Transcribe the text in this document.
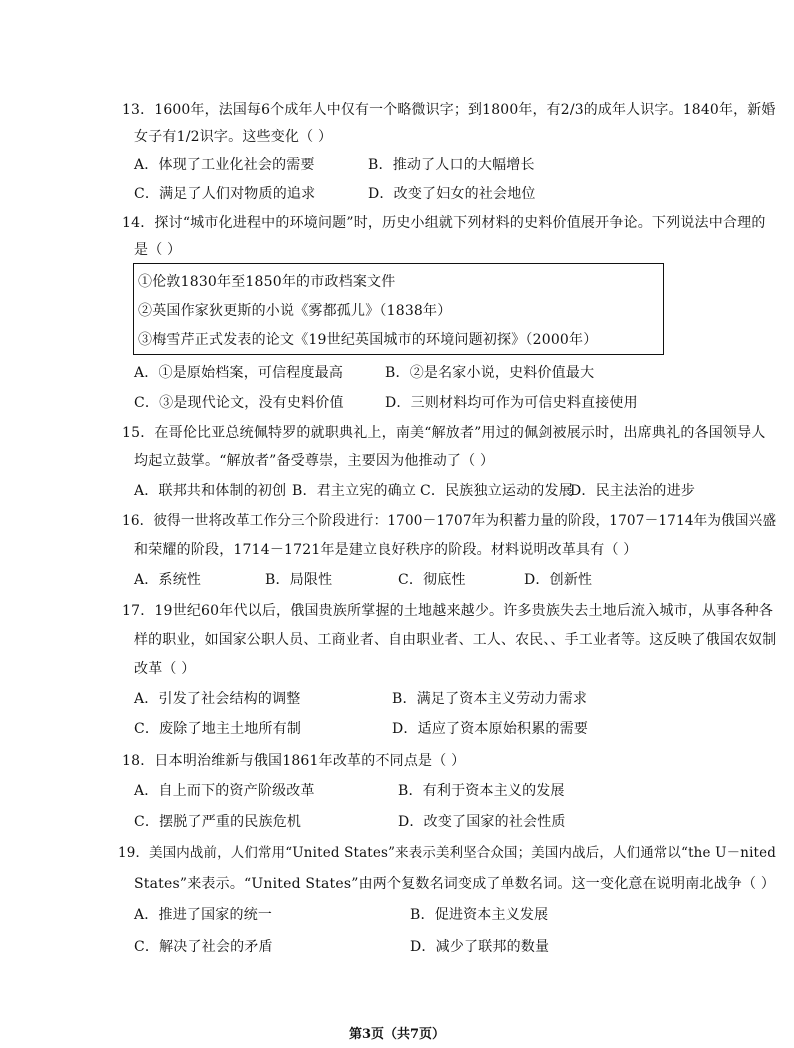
13．1600年，法国每6个成年人中仅有一个略微识字；到1800年，有2/3的成年人识字。1840年，新婚
女子有1/2识字。这些变化（ ）
A．体现了工业化社会的需要	B．推动了人口的大幅增长
C．满足了人们对物质的追求	D．改变了妇女的社会地位
14．探讨“城市化进程中的环境问题”时，历史小组就下列材料的史料价值展开争论。下列说法中合理的
是（ ）
①伦敦1830年至1850年的市政档案文件
②英国作家狄更斯的小说《雾都孤儿》（1838年）
③梅雪芹正式发表的论文《19世纪英国城市的环境问题初探》（2000年）
A．①是原始档案，可信程度最高	B．②是名家小说，史料价值最大
C．③是现代论文，没有史料价值	D．三则材料均可作为可信史料直接使用
15．在哥伦比亚总统佩特罗的就职典礼上，南美“解放者”用过的佩剑被展示时，出席典礼的各国领导人
均起立鼓掌。“解放者”备受尊崇，主要因为他推动了（ ）
A．联邦共和体制的初创 B．君主立宪的确立 C．民族独立运动的发展
D．民主法治的进步
16．彼得一世将改革工作分三个阶段进行：1700－1707年为积蓄力量的阶段，1707－1714年为俄国兴盛
和荣耀的阶段，1714－1721年是建立良好秩序的阶段。材料说明改革具有（ ）
A．系统性	B．局限性	C．彻底性	D．创新性
17．19世纪60年代以后，俄国贵族所掌握的土地越来越少。许多贵族失去土地后流入城市，从事各种各
样的职业，如国家公职人员、工商业者、自由职业者、工人、农民、、手工业者等。这反映了俄国农奴制
改革（ ）
A．引发了社会结构的调整	B．满足了资本主义劳动力需求
C．废除了地主土地所有制	D．适应了资本原始积累的需要
18．日本明治维新与俄国1861年改革的不同点是（ ）
A．自上而下的资产阶级改革	B．有利于资本主义的发展
C．摆脱了严重的民族危机	D．改变了国家的社会性质
19．美国内战前，人们常用“United States”来表示美利坚合众国；美国内战后，人们通常以“the U－nited
States”来表示。“United States”由两个复数名词变成了单数名词。这一变化意在说明南北战争（ ）
A．推进了国家的统一	B．促进资本主义发展
C．解决了社会的矛盾	D．减少了联邦的数量
第3页（共7页）
